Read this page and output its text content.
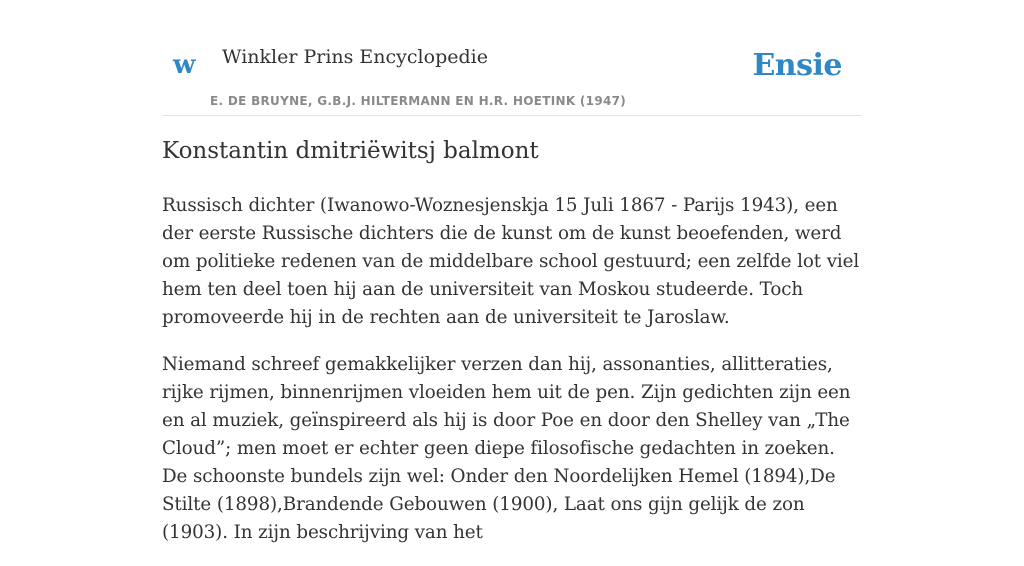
w Winkler Prins Encyclopedie
E. DE BRUYNE, G.B.J. HILTERMANN EN H.R. HOETINK (1947)
Ensie
Konstantin dmitriëwitsj balmont

Russisch dichter (Iwanowo-Woznesjenskja 15 Juli 1867 - Parijs 1943), een der eerste Russische dichters die de kunst om de kunst beoefenden, werd om politieke redenen van de middelbare school gestuurd; een zelfde lot viel hem ten deel toen hij aan de universiteit van Moskou studeerde. Toch promoveerde hij in de rechten aan de universiteit te Jaroslaw.

Niemand schreef gemakkelijker verzen dan hij, assonanties, allitteraties, rijke rijmen, binnenrijmen vloeiden hem uit de pen. Zijn gedichten zijn een en al muziek, geïnspireerd als hij is door Poe en door den Shelley van „The Cloud”; men moet er echter geen diepe filosofische gedachten in zoeken. De schoonste bundels zijn wel: Onder den Noordelijken Hemel (1894),De Stilte (1898),Brandende Gebouwen (1900), Laat ons gijn gelijk de zon (1903). In zijn beschrijving van het
